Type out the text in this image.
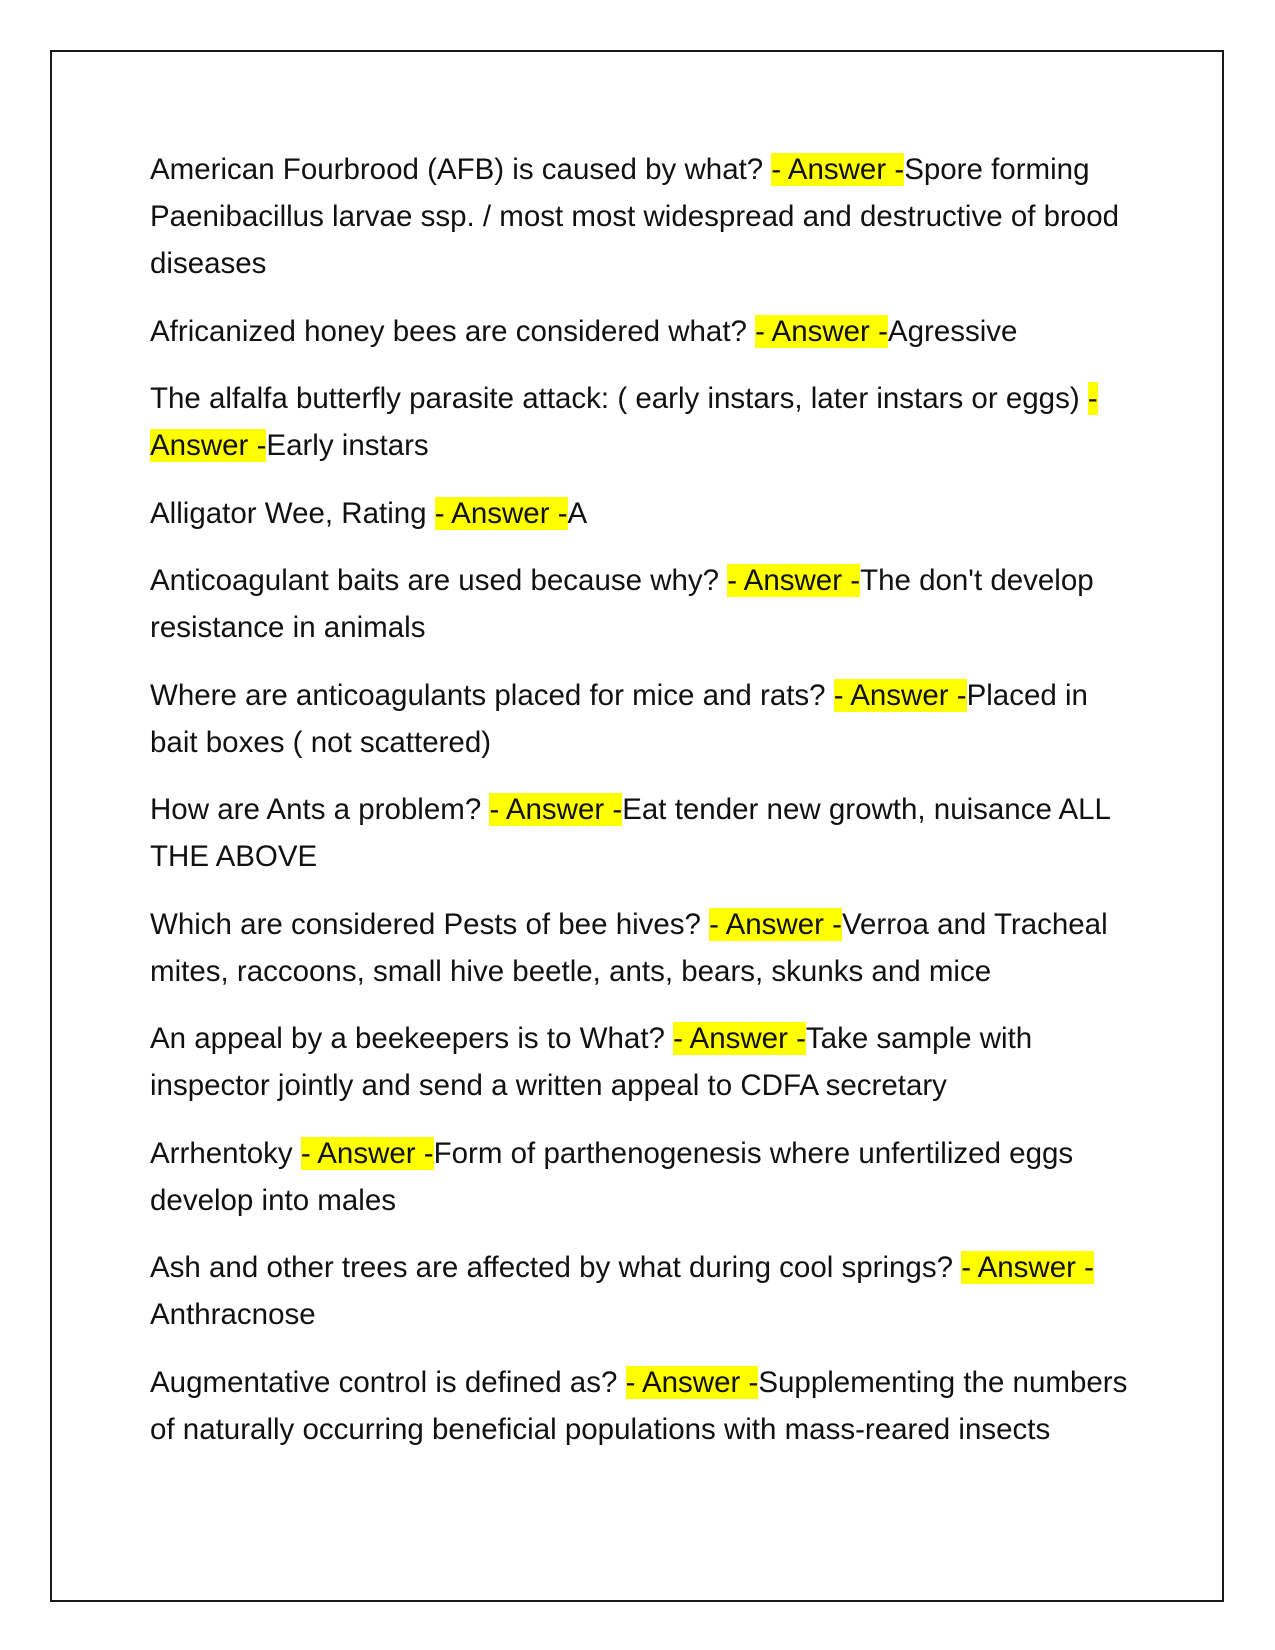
American Fourbrood (AFB) is caused by what? - Answer -Spore forming Paenibacillus larvae ssp. / most most widespread and destructive of brood diseases

Africanized honey bees are considered what? - Answer -Agressive

The alfalfa butterfly parasite attack: ( early instars, later instars or eggs) - Answer -Early instars

Alligator Wee, Rating - Answer -A

Anticoagulant baits are used because why? - Answer -The don't develop resistance in animals

Where are anticoagulants placed for mice and rats? - Answer -Placed in bait boxes ( not scattered)

How are Ants a problem? - Answer -Eat tender new growth, nuisance ALL THE ABOVE

Which are considered Pests of bee hives? - Answer -Verroa and Tracheal mites, raccoons, small hive beetle, ants, bears, skunks and mice

An appeal by a beekeepers is to What? - Answer -Take sample with inspector jointly and send a written appeal to CDFA secretary

Arrhentoky - Answer -Form of parthenogenesis where unfertilized eggs develop into males

Ash and other trees are affected by what during cool springs? - Answer -Anthracnose

Augmentative control is defined as? - Answer -Supplementing the numbers of naturally occurring beneficial populations with mass-reared insects
